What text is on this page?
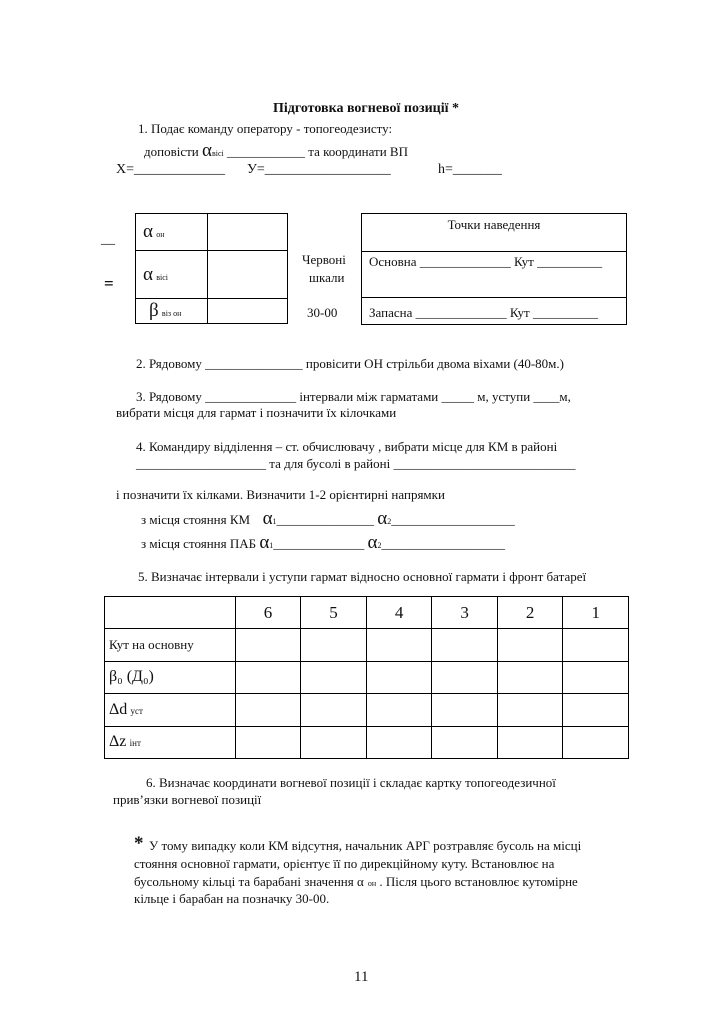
Підготовка вогневої позиції *
1. Подає команду оператору - топогеодезисту:
доповісти αвіcі ____________ та координати ВП
X=_____________ У=__________________	h=_______
__
=
α он	
α віcі	
β віз он	
Червоні
шкали
30-00
Точки наведення
Основна ______________ Кут __________
Запасна ______________ Кут __________
2. Рядовому _______________ провісити ОН стрільби двома віхами (40-80м.)
3. Рядовому ______________ інтервали між гарматами _____ м, уступи ____м,
вибрати місця для гармат і позначити їх кілочками
4. Командиру відділення – ст. обчислювачу , вибрати місце для КМ в районі
____________________ та для бусолі в районі ____________________________
і позначити їх кілками. Визначити 1-2 орієнтирні напрямки
з місця стояння КМ α1_______________ α2___________________
з місця стояння ПАБ α1______________ α2___________________
5. Визначає інтервали і уступи гармат відносно основної гармати і фронт батареї
	6	5	4	3	2	1
Кут на основну						
β₀ (Д₀)						
Δd уст						
Δz інт						
6. Визначає координати вогневої позиції і складає картку топогеодезичної
прив’язки вогневої позиції
* У тому випадку коли КМ відсутня, начальник АРГ розтравляє бусоль на місці
стояння основної гармати, орієнтує її по дирекційному куту. Встановлює на
бусольному кільці та барабані значення α он . Після цього встановлює кутомірне
кільце і барабан на позначку 30-00.
11
